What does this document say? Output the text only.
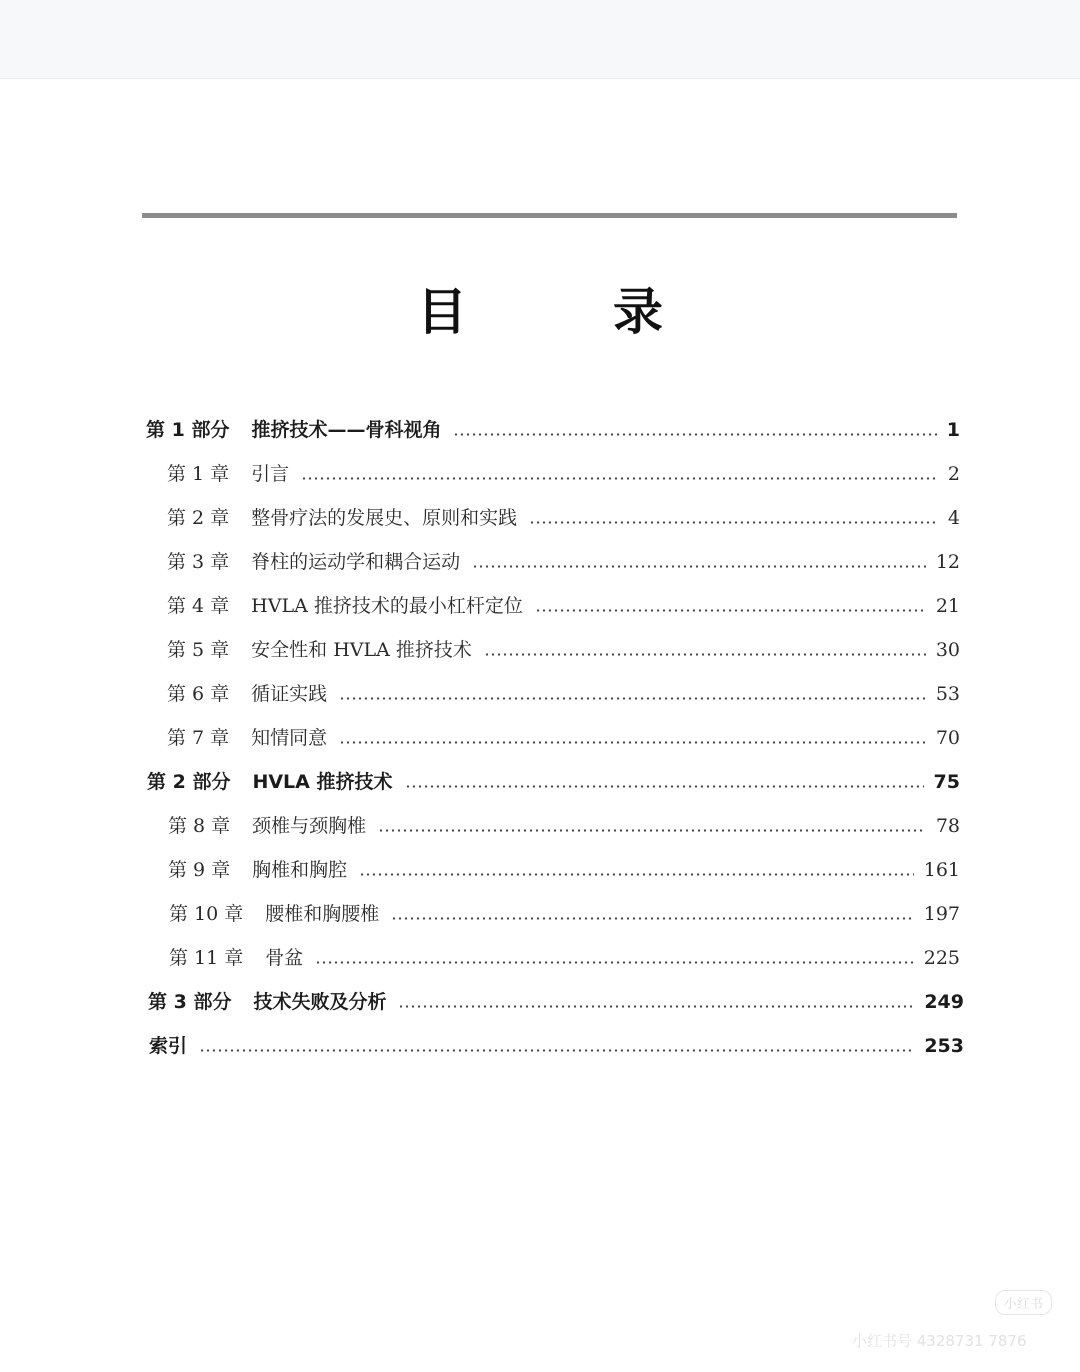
目　录
第 1 部分 推挤技术——骨科视角	1
第 1 章 引言	2
第 2 章 整骨疗法的发展史、原则和实践	4
第 3 章 脊柱的运动学和耦合运动	12
第 4 章 HVLA 推挤技术的最小杠杆定位	21
第 5 章 安全性和 HVLA 推挤技术	30
第 6 章 循证实践	53
第 7 章 知情同意	70
第 2 部分 HVLA 推挤技术	75
第 8 章 颈椎与颈胸椎	78
第 9 章 胸椎和胸腔	161
第 10 章 腰椎和胸腰椎	197
第 11 章 骨盆	225
第 3 部分 技术失败及分析	249
索引	253
小红书
小红书号 4328731 7876
